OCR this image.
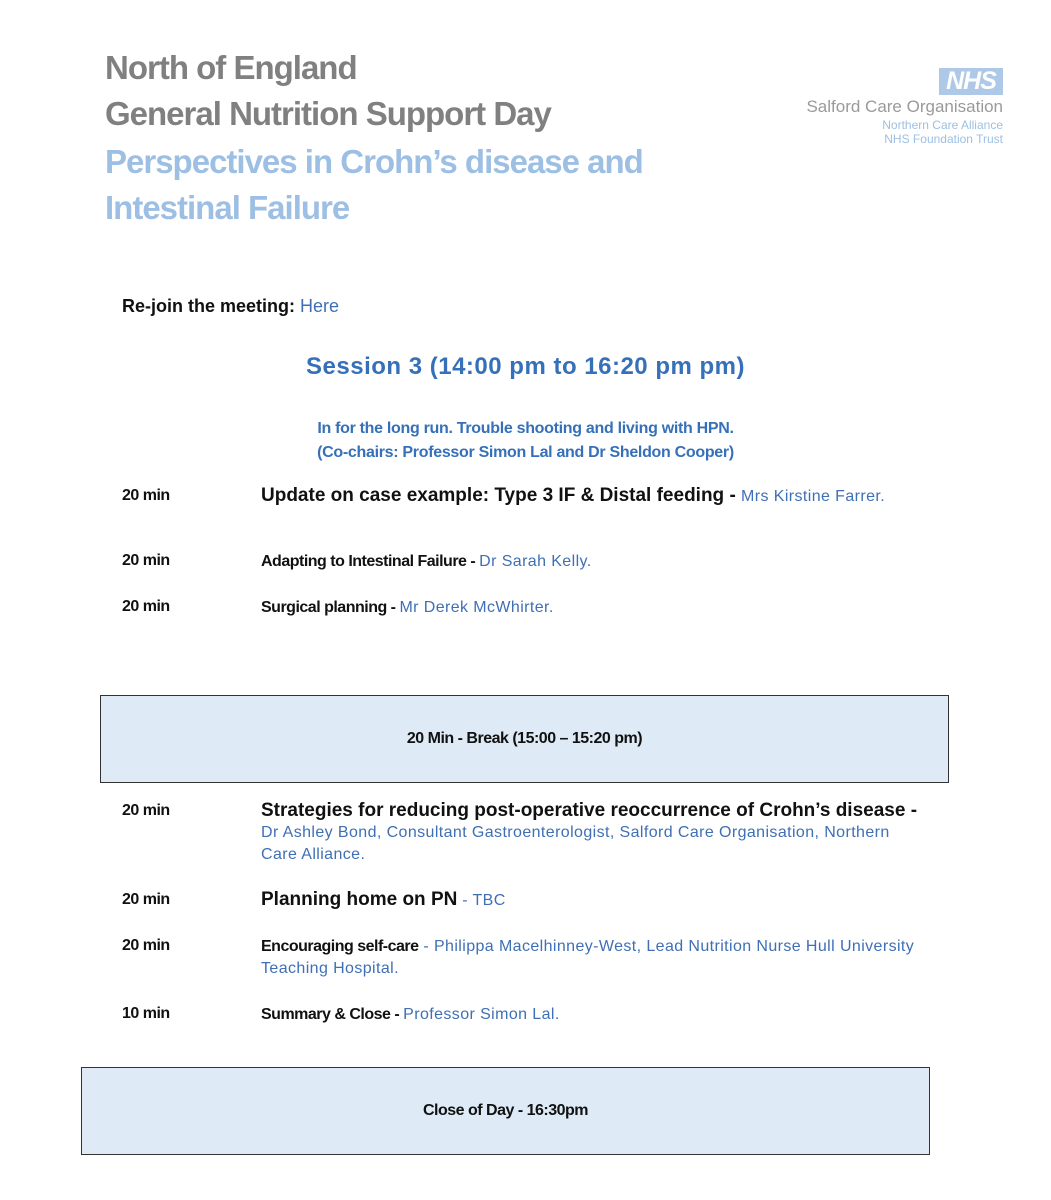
North of England
General Nutrition Support Day
Perspectives in Crohn’s disease and
Intestinal Failure
NHS
Salford Care Organisation
Northern Care Alliance
NHS Foundation Trust
Re-join the meeting: Here
Session 3 (14:00 pm to 16:20 pm pm)
In for the long run. Trouble shooting and living with HPN.
(Co-chairs: Professor Simon Lal and Dr Sheldon Cooper)
20 min	Update on case example: Type 3 IF & Distal feeding - Mrs Kirstine Farrer.
20 min	Adapting to Intestinal Failure - Dr Sarah Kelly.
20 min	Surgical planning - Mr Derek McWhirter.
20 Min - Break (15:00 – 15:20 pm)
20 min	Strategies for reducing post-operative reoccurrence of Crohn’s disease - Dr Ashley Bond, Consultant Gastroenterologist, Salford Care Organisation, Northern Care Alliance.
20 min	Planning home on PN - TBC
20 min	Encouraging self-care - Philippa Macelhinney-West, Lead Nutrition Nurse Hull University Teaching Hospital.
10 min	Summary & Close - Professor Simon Lal.
Close of Day - 16:30pm
